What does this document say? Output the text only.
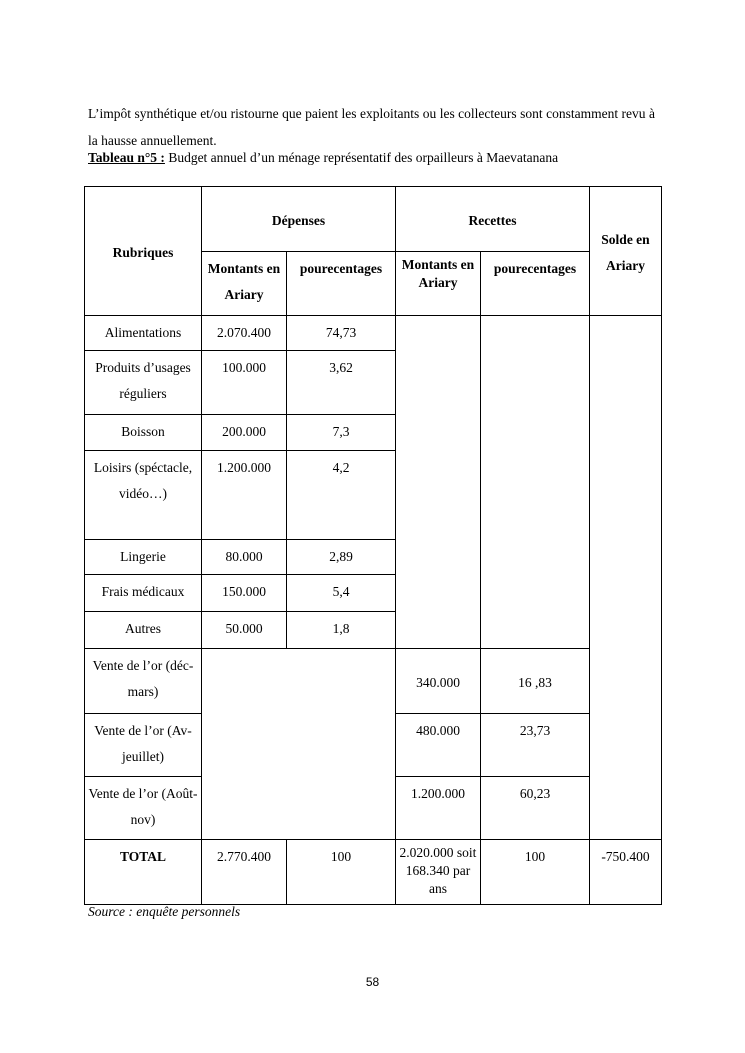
L’impôt synthétique et/ou ristourne que paient les exploitants ou les collecteurs sont constamment revu à la hausse annuellement.

Tableau n°5 : Budget annuel d’un ménage représentatif des orpailleurs à Maevatanana
Rubriques	Dépenses		Recettes		Solde en Ariary
	Montants en Ariary	pourecentages	Montants en Ariary	pourecentages	
Alimentations	2.070.400	74,73			
Produits d’usages réguliers	100.000	3,62			
Boisson	200.000	7,3			
Loisirs (spéctacle, vidéo…)	1.200.000	4,2			
Lingerie	80.000	2,89			
Frais médicaux	150.000	5,4			
Autres	50.000	1,8			
Vente de l’or (déc- mars)			340.000	16 ,83	
Vente de l’or (Av-jeuillet)			480.000	23,73	
Vente de l’or (Août-nov)			1.200.000	60,23	
TOTAL	2.770.400	100	2.020.000 soit 168.340 par ans	100	-750.400
Source : enquête personnels
58
